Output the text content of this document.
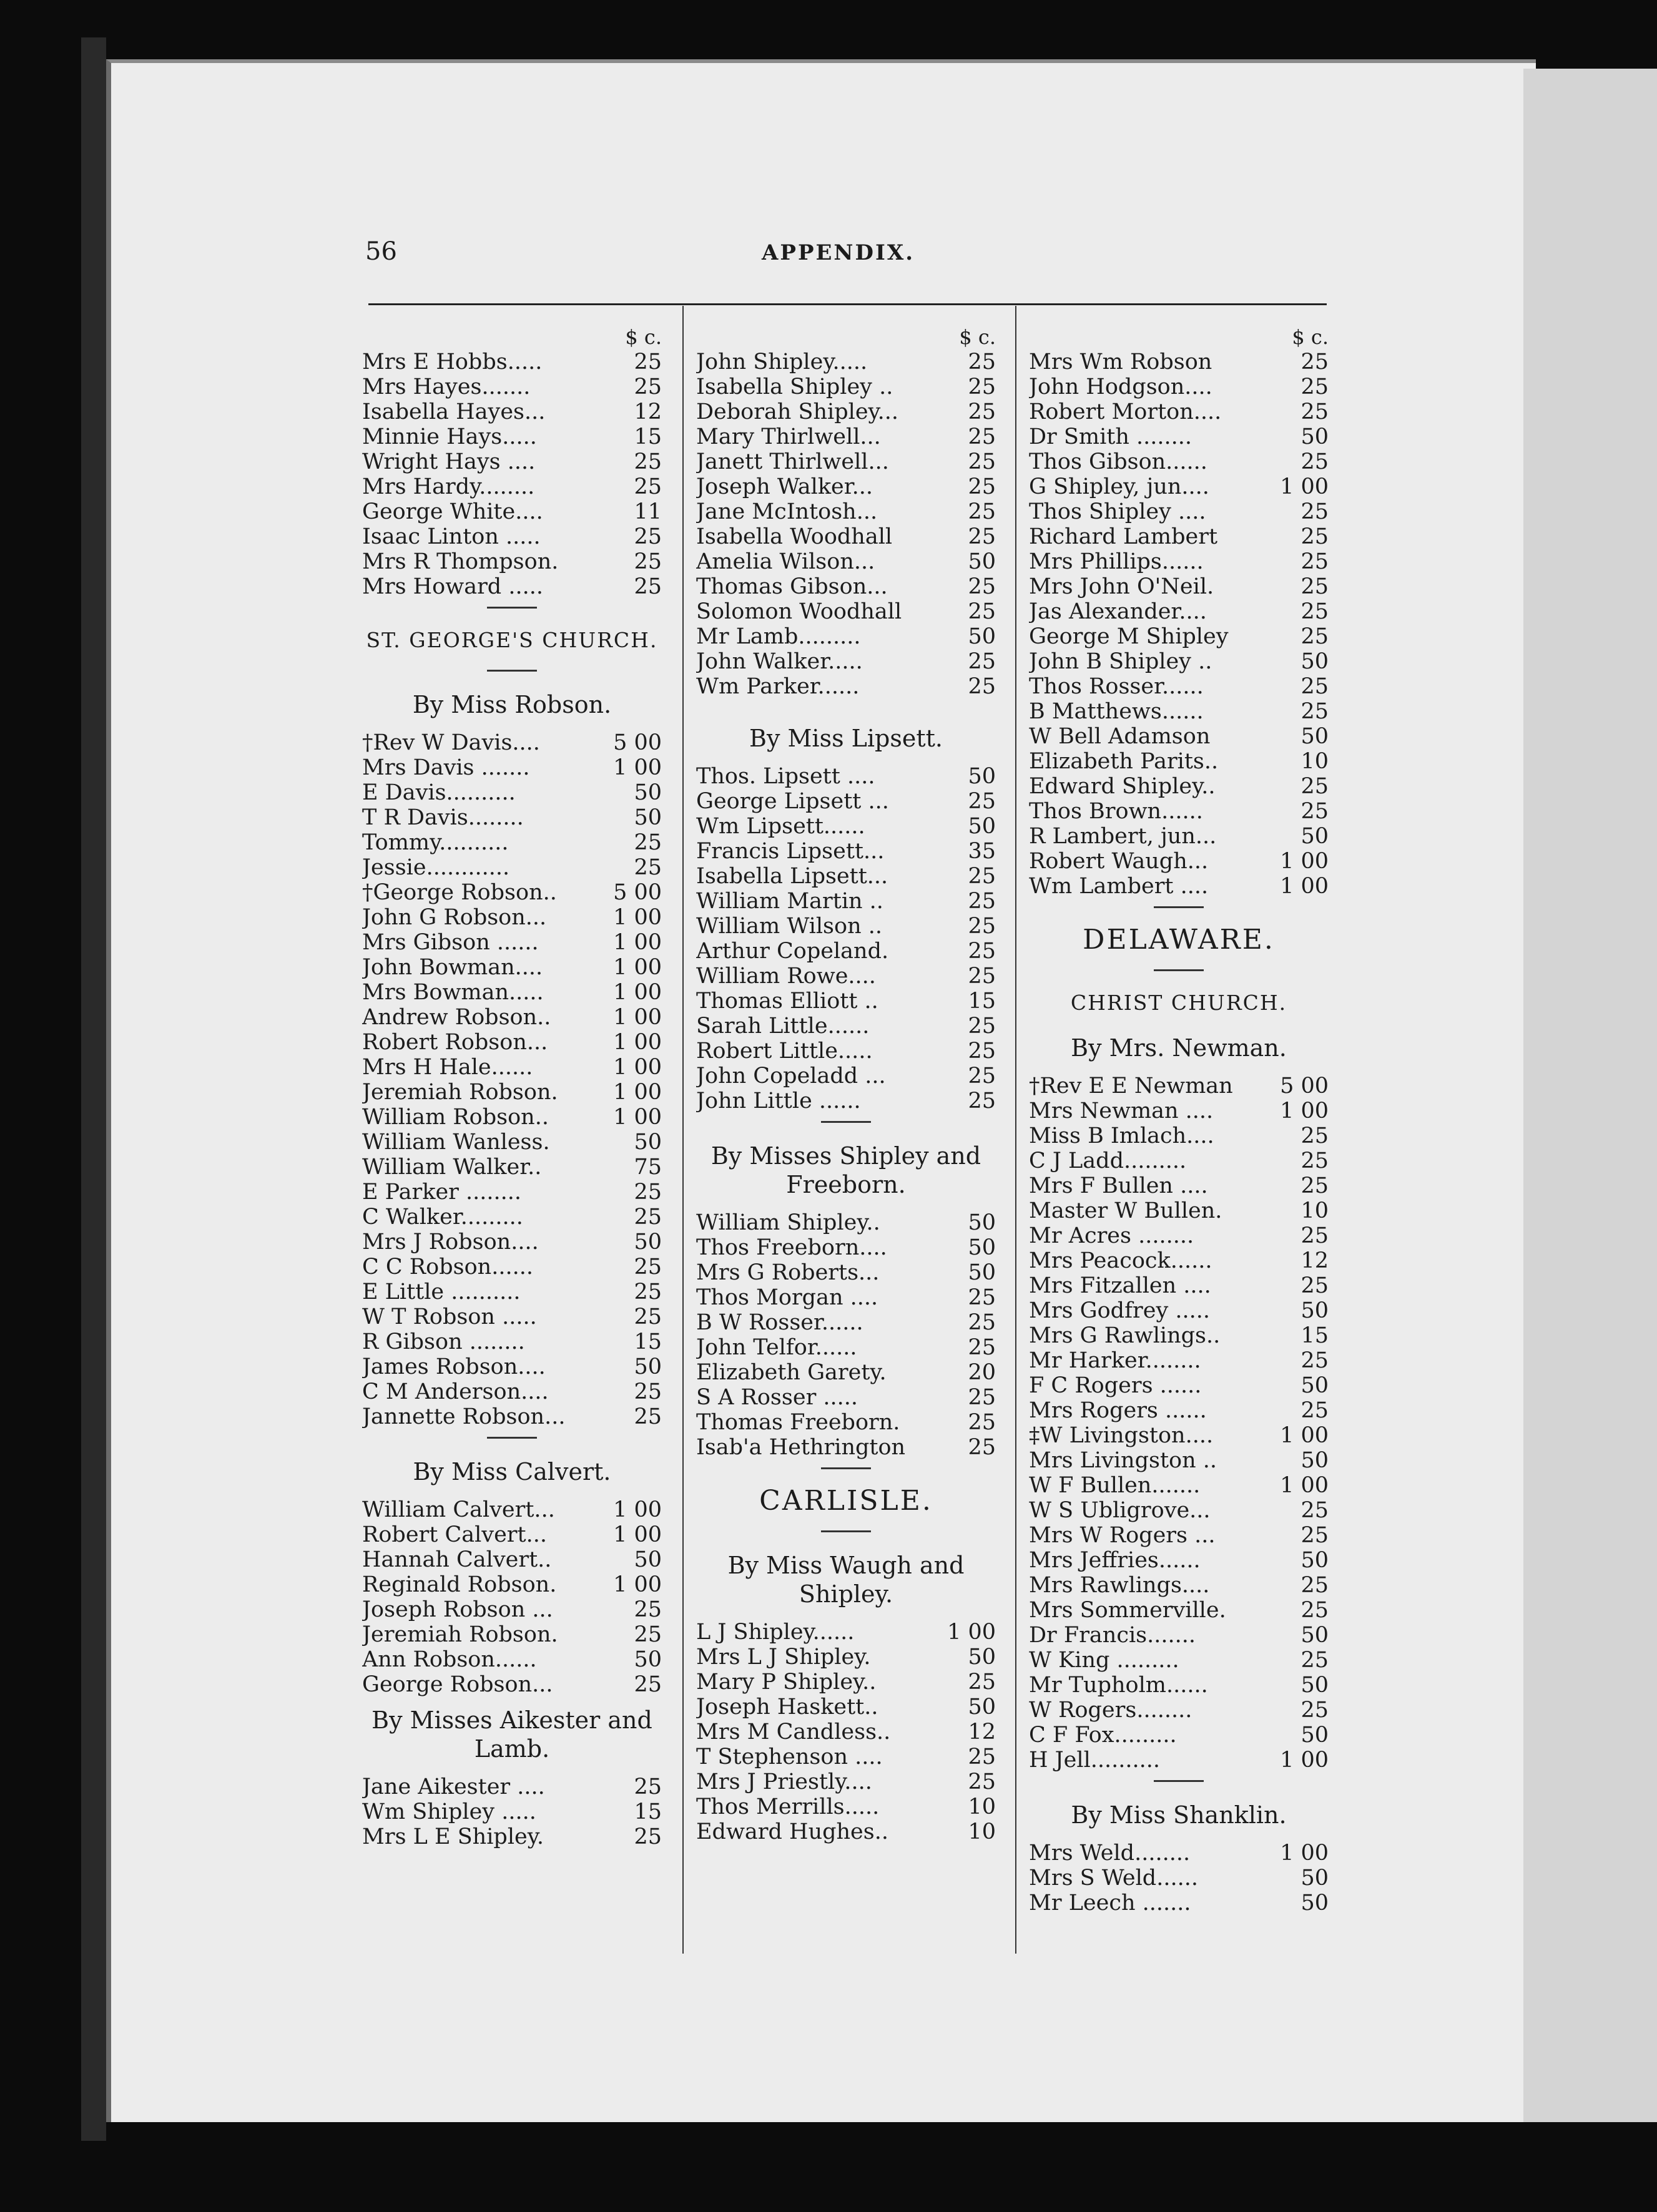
56	APPENDIX.
$ c.
Mrs E Hobbs.....	25
Mrs Hayes.......	25
Isabella Hayes...	12
Minnie Hays.....	15
Wright Hays ....	25
Mrs Hardy........	25
George White....	11
Isaac Linton .....	25
Mrs R Thompson.	25
Mrs Howard .....	25
ST. GEORGE'S CHURCH.
By Miss Robson.
†Rev W Davis....	5 00
Mrs Davis .......	1 00
E Davis..........	50
T R Davis........	50
Tommy..........	25
Jessie............	25
†George Robson..	5 00
John G Robson...	1 00
Mrs Gibson ......	1 00
John Bowman....	1 00
Mrs Bowman.....	1 00
Andrew Robson..	1 00
Robert Robson...	1 00
Mrs H Hale......	1 00
Jeremiah Robson.	1 00
William Robson..	1 00
William Wanless.	50
William Walker..	75
E Parker ........	25
C Walker.........	25
Mrs J Robson....	50
C C Robson......	25
E Little ..........	25
W T Robson .....	25
R Gibson ........	15
James Robson....	50
C M Anderson....	25
Jannette Robson...	25
By Miss Calvert.
William Calvert...	1 00
Robert Calvert...	1 00
Hannah Calvert..	50
Reginald Robson.	1 00
Joseph Robson ...	25
Jeremiah Robson.	25
Ann Robson......	50
George Robson...	25
By Misses Aikester and Lamb.
Jane Aikester ....	25
Wm Shipley .....	15
Mrs L E Shipley.	25
$ c.
John Shipley.....	25
Isabella Shipley ..	25
Deborah Shipley...	25
Mary Thirlwell...	25
Janett Thirlwell...	25
Joseph Walker...	25
Jane McIntosh...	25
Isabella Woodhall	25
Amelia Wilson...	50
Thomas Gibson...	25
Solomon Woodhall	25
Mr Lamb.........	50
John Walker.....	25
Wm Parker......	25
By Miss Lipsett.
Thos. Lipsett ....	50
George Lipsett ...	25
Wm Lipsett......	50
Francis Lipsett...	35
Isabella Lipsett...	25
William Martin ..	25
William Wilson ..	25
Arthur Copeland.	25
William Rowe....	25
Thomas Elliott ..	15
Sarah Little......	25
Robert Little.....	25
John Copeladd ...	25
John Little ......	25
By Misses Shipley and Freeborn.
William Shipley..	50
Thos Freeborn....	50
Mrs G Roberts...	50
Thos Morgan ....	25
B W Rosser......	25
John Telfor......	25
Elizabeth Garety.	20
S A Rosser .....	25
Thomas Freeborn.	25
Isab'a Hethrington	25
CARLISLE.
By Miss Waugh and Shipley.
L J Shipley......	1 00
Mrs L J Shipley.	50
Mary P Shipley..	25
Joseph Haskett..	50
Mrs M Candless..	12
T Stephenson ....	25
Mrs J Priestly....	25
Thos Merrills.....	10
Edward Hughes..	10
$ c.
Mrs Wm Robson	25
John Hodgson....	25
Robert Morton....	25
Dr Smith ........	50
Thos Gibson......	25
G Shipley, jun....	1 00
Thos Shipley ....	25
Richard Lambert	25
Mrs Phillips......	25
Mrs John O'Neil.	25
Jas Alexander....	25
George M Shipley	25
John B Shipley ..	50
Thos Rosser......	25
B Matthews......	25
W Bell Adamson	50
Elizabeth Parits..	10
Edward Shipley..	25
Thos Brown......	25
R Lambert, jun...	50
Robert Waugh...	1 00
Wm Lambert ....	1 00
DELAWARE.
CHRIST CHURCH.
By Mrs. Newman.
†Rev E E Newman	5 00
Mrs Newman ....	1 00
Miss B Imlach....	25
C J Ladd.........	25
Mrs F Bullen ....	25
Master W Bullen.	10
Mr Acres ........	25
Mrs Peacock......	12
Mrs Fitzallen ....	25
Mrs Godfrey .....	50
Mrs G Rawlings..	15
Mr Harker........	25
F C Rogers ......	50
Mrs Rogers ......	25
‡W Livingston....	1 00
Mrs Livingston ..	50
W F Bullen.......	1 00
W S Ubligrove...	25
Mrs W Rogers ...	25
Mrs Jeffries......	50
Mrs Rawlings....	25
Mrs Sommerville.	25
Dr Francis.......	50
W King .........	25
Mr Tupholm......	50
W Rogers........	25
C F Fox.........	50
H Jell..........	1 00
By Miss Shanklin.
Mrs Weld........	1 00
Mrs S Weld......	50
Mr Leech .......	50
